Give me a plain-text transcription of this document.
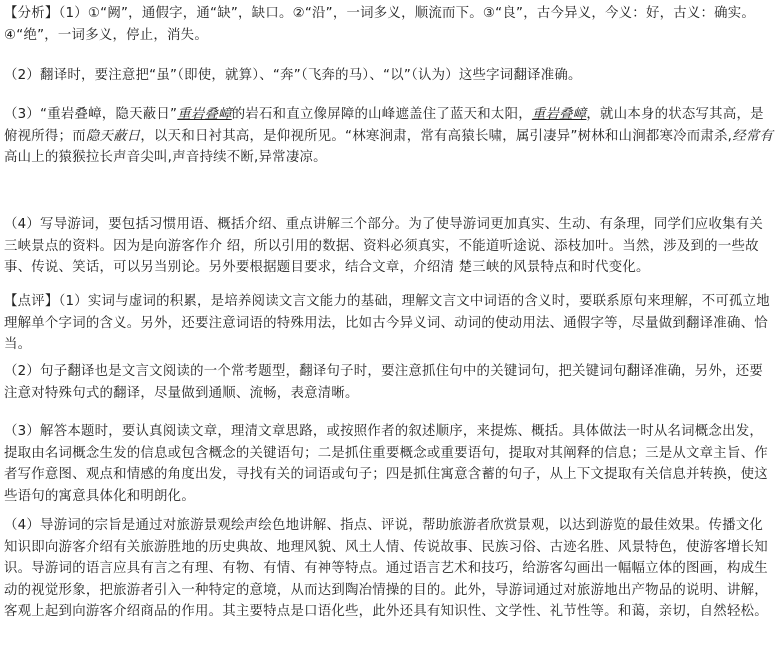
【分析】（1）①“阙”，通假字，通“缺”，缺口。②“沿”，一词多义，顺流而下。③“良”，古今异义，今义：好，古义：确实。④“绝”，一词多义，停止，消失。

（2）翻译时，要注意把“虽”（即使，就算）、“奔”（飞奔的马）、“以”（认为）这些字词翻译准确。

（3）“重岩叠嶂，隐天蔽日”重岩叠嶂的岩石和直立像屏障的山峰遮盖住了蓝天和太阳，重岩叠嶂，就山本身的状态写其高，是俯视所得；而隐天蔽日，以天和日衬其高，是仰视所见。“林寒涧肃，常有高猿长啸，属引凄异”树林和山涧都寒冷而肃杀,经常有高山上的猿猴拉长声音尖叫,声音持续不断,异常凄凉。

（4）写导游词，要包括习惯用语、概括介绍、重点讲解三个部分。为了使导游词更加真实、生动、有条理，同学们应收集有关三峡景点的资料。因为是向游客作介 绍，所以引用的数据、资料必须真实，不能道听途说、添枝加叶。当然，涉及到的一些故事、传说、笑话，可以另当别论。另外要根据题目要求，结合文章，介绍清 楚三峡的风景特点和时代变化。

【点评】（1）实词与虚词的积累，是培养阅读文言文能力的基础，理解文言文中词语的含义时，要联系原句来理解，不可孤立地理解单个字词的含义。另外，还要注意词语的特殊用法，比如古今异义词、动词的使动用法、通假字等，尽量做到翻译准确、恰当。

（2）句子翻译也是文言文阅读的一个常考题型，翻译句子时，要注意抓住句中的关键词句，把关键词句翻译准确，另外，还要注意对特殊句式的翻译，尽量做到通顺、流畅，表意清晰。

（3）解答本题时，要认真阅读文章，理清文章思路，或按照作者的叙述顺序，来提炼、概括。具体做法一时从名词概念出发，提取由名词概念生发的信息或包含概念的关键语句；二是抓住重要概念或重要语句，提取对其阐释的信息；三是从文章主旨、作者写作意图、观点和情感的角度出发，寻找有关的词语或句子；四是抓住寓意含蓄的句子，从上下文提取有关信息并转换，使这些语句的寓意具体化和明朗化。

（4）导游词的宗旨是通过对旅游景观绘声绘色地讲解、指点、评说，帮助旅游者欣赏景观，以达到游览的最佳效果。传播文化知识即向游客介绍有关旅游胜地的历史典故、地理风貌、风土人情、传说故事、民族习俗、古迹名胜、风景特色，使游客增长知识。导游词的语言应具有言之有理、有物、有情、有神等特点。通过语言艺术和技巧，给游客勾画出一幅幅立体的图画，构成生动的视觉形象，把旅游者引入一种特定的意境，从而达到陶冶情操的目的。此外，导游词通过对旅游地出产物品的说明、讲解，客观上起到向游客介绍商品的作用。其主要特点是口语化些，此外还具有知识性、文学性、礼节性等。和蔼，亲切，自然轻松。
